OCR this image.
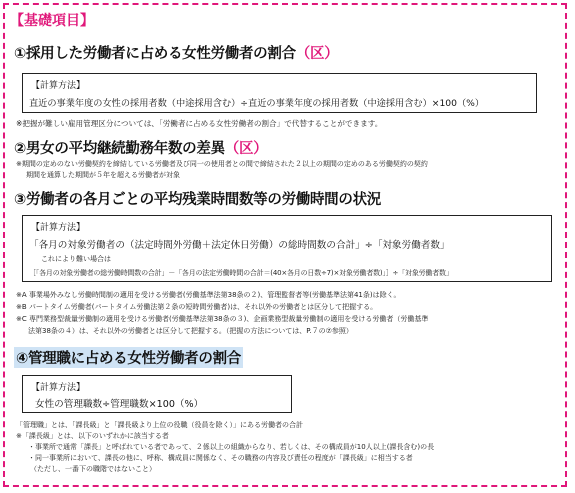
【基礎項目】
①採用した労働者に占める女性労働者の割合（区）
【計算方法】
直近の事業年度の女性の採用者数（中途採用含む）÷直近の事業年度の採用者数（中途採用含む）×100（%）
※把握が難しい雇用管理区分については、「労働者に占める女性労働者の割合」で代替することができます。
②男女の平均継続勤務年数の差異（区）
※期間の定めのない労働契約を締結している労働者及び同一の使用者との間で締結された２以上の期間の定めのある労働契約の契約
期間を通算した期間が５年を超える労働者が対象
③労働者の各月ごとの平均残業時間数等の労働時間の状況
【計算方法】
「各月の対象労働者の（法定時間外労働＋法定休日労働）の総時間数の合計」÷「対象労働者数」
これにより難い場合は
［「各月の対象労働者の総労働時間数の合計」－「各月の法定労働時間の合計＝(40×各月の日数÷7)×対象労働者数)」］÷「対象労働者数」
※A 事業場外みなし労働時間制の適用を受ける労働者(労働基準法第38条の２)、管理監督者等(労働基準法第41条)は除く。
※B パートタイム労働者(パートタイム労働法第２条の短時間労働者)は、それ以外の労働者とは区分して把握する。
※C 専門業務型裁量労働制の適用を受ける労働者(労働基準法第38条の３)、企画業務型裁量労働制の適用を受ける労働者（労働基準
法第38条の４）は、それ以外の労働者とは区分して把握する。（把握の方法については、P.７の⑦参照）
④管理職に占める女性労働者の割合
【計算方法】
女性の管理職数÷管理職数×100（%）
「管理職」とは、「課長級」と「課長級より上位の役職（役員を除く）」にある労働者の合計
※「課長級」とは、以下のいずれかに該当する者
・事業所で通常「課長」と呼ばれている者であって、２係以上の組織からなり、若しくは、その構成員が10人以上(課長含む)の長
・同一事業所において、課長の他に、呼称、構成員に関係なく、その職務の内容及び責任の程度が「課長級」に相当する者
（ただし、一番下の職階ではないこと）
